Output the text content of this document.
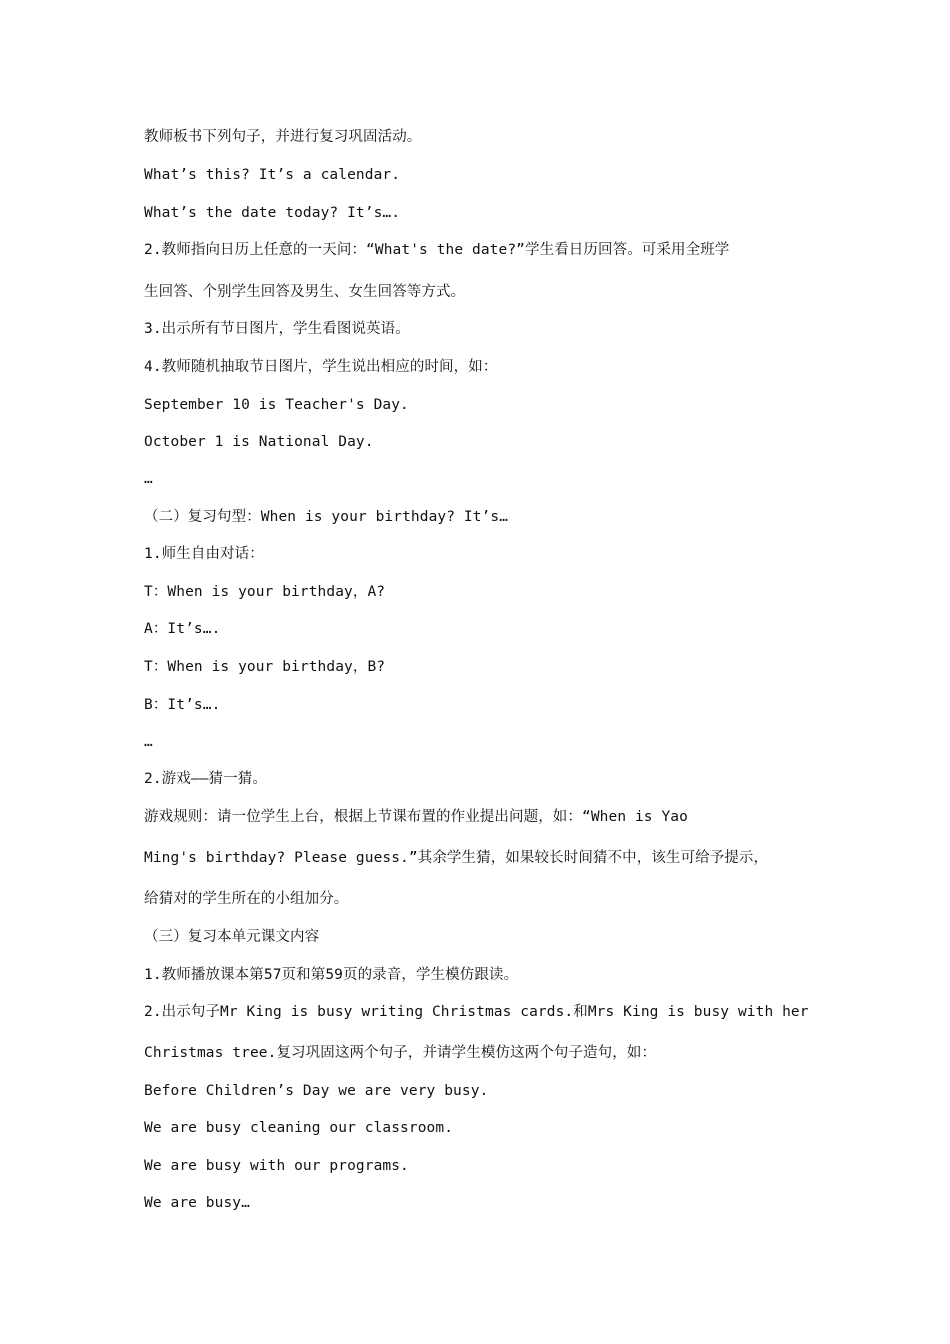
教师板书下列句子，并进行复习巩固活动。
What’s this? It’s a calendar.
What’s the date today? It’s….
2.教师指向日历上任意的一天问：“What's the date?”学生看日历回答。可采用全班学
生回答、个别学生回答及男生、女生回答等方式。
3.出示所有节日图片，学生看图说英语。
4.教师随机抽取节日图片，学生说出相应的时间，如：
September 10 is Teacher's Day.
October 1 is National Day.
…
（二）复习句型：When is your birthday? It’s…
1.师生自由对话：
T：When is your birthday，A?
A：It’s….
T：When is your birthday，B?
B：It’s….
…
2.游戏——猜一猜。
游戏规则：请一位学生上台，根据上节课布置的作业提出问题，如：“When is Yao
Ming's birthday? Please guess.”其余学生猜，如果较长时间猜不中，该生可给予提示，
给猜对的学生所在的小组加分。
（三）复习本单元课文内容
1.教师播放课本第57页和第59页的录音，学生模仿跟读。
2.出示句子Mr King is busy writing Christmas cards.和Mrs King is busy with her
Christmas tree.复习巩固这两个句子，并请学生模仿这两个句子造句，如：
Before Children’s Day we are very busy.
We are busy cleaning our classroom.
We are busy with our programs.
We are busy…
